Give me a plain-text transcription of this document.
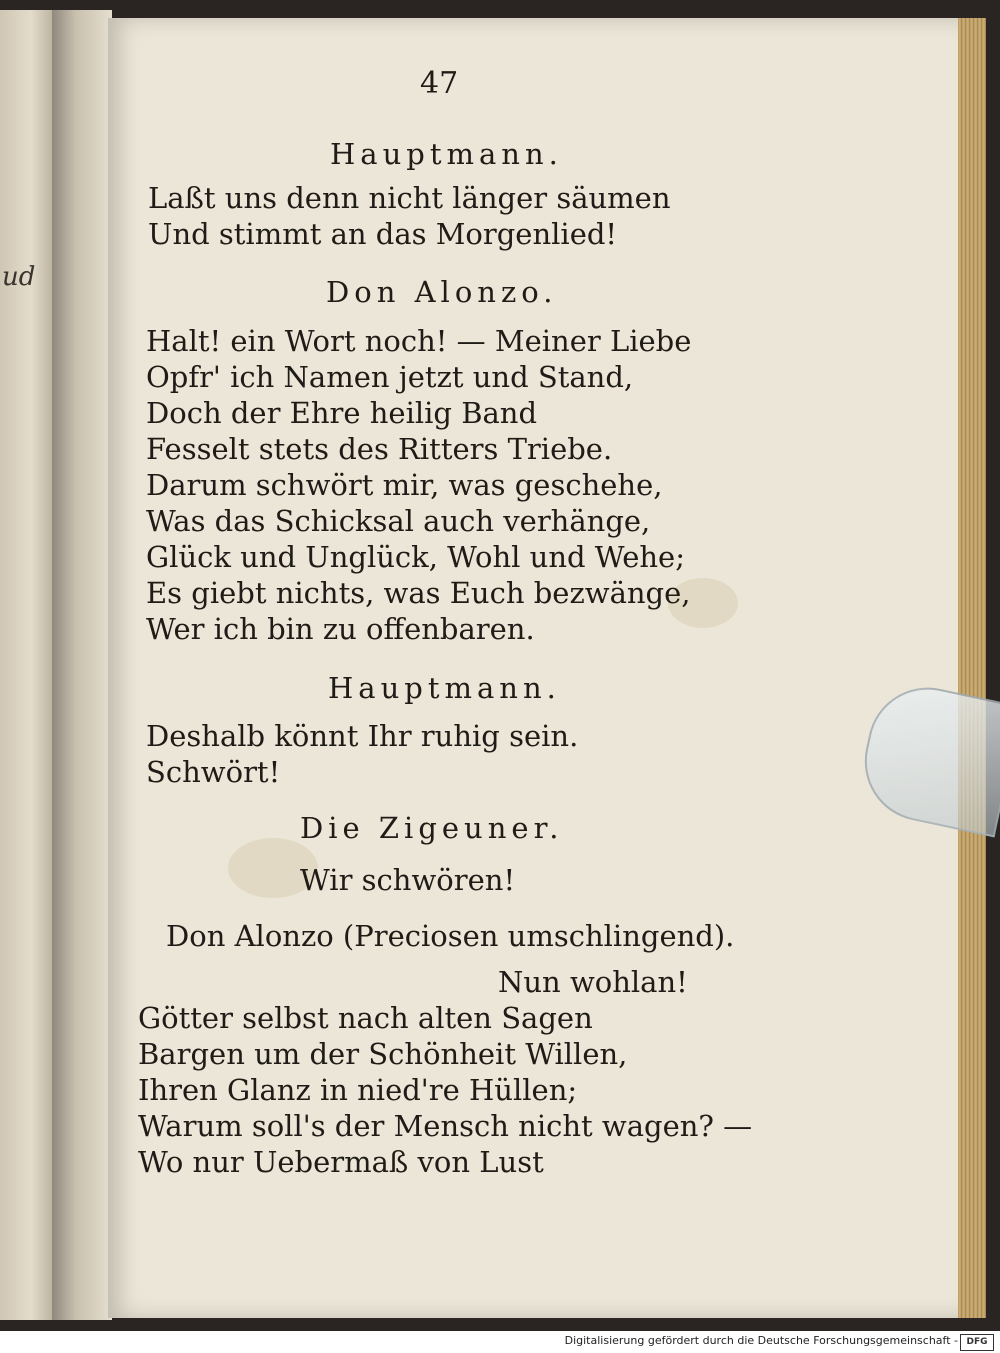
ud
47
Hauptmann.
Laßt uns denn nicht länger säumen
Und stimmt an das Morgenlied!
Don Alonzo.
Halt! ein Wort noch! — Meiner Liebe
Opfr' ich Namen jetzt und Stand,
Doch der Ehre heilig Band
Fesselt stets des Ritters Triebe.
Darum schwört mir, was geschehe,
Was das Schicksal auch verhänge,
Glück und Unglück, Wohl und Wehe;
Es giebt nichts, was Euch bezwänge,
Wer ich bin zu offenbaren.
Hauptmann.
Deshalb könnt Ihr ruhig sein.
Schwört!
Die Zigeuner.
Wir schwören!
Don Alonzo (Preciosen umschlingend).
Nun wohlan!
Götter selbst nach alten Sagen
Bargen um der Schönheit Willen,
Ihren Glanz in nied're Hüllen;
Warum soll's der Mensch nicht wagen? —
Wo nur Uebermaß von Lust
Digitalisierung gefördert durch die Deutsche Forschungsgemeinschaft - DFG
